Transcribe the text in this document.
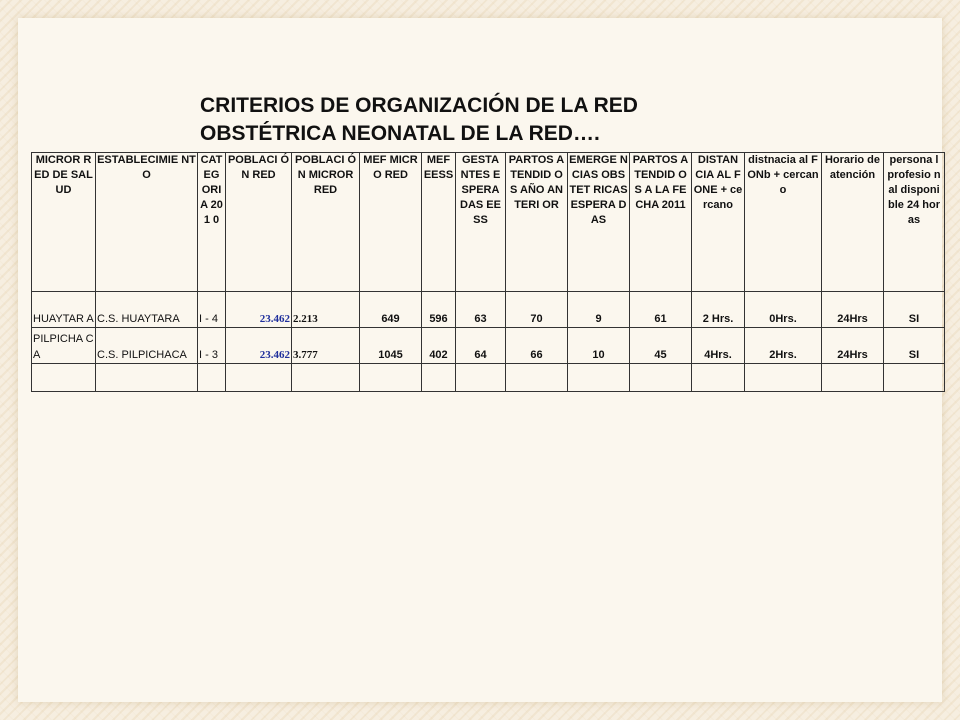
CRITERIOS DE ORGANIZACIÓN DE LA RED
OBSTÉTRICA NEONATAL DE LA RED….
MICROR RED DE SALUD	ESTABLECIMIE NTO	CAT EG ORI A 201 0	POBLACI ÓN RED	POBLACI ÓN MICROR RED	MEF MICRO RED	MEF EESS	GESTA NTES ESPERA DAS EESS	PARTOS ATENDID OS AÑO ANTERI OR	EMERGE NCIAS OBSTET RICAS ESPERA DAS	PARTOS ATENDID OS A LA FECHA 2011	DISTAN CIA AL FONE + cercano	distnacia al FONb + cercano	Horario de atención	persona l profesio nal disponi ble 24 horas
HUAYTAR A	C.S. HUAYTARA	I - 4	23.462	2.213	649	596	63	70	9	61	2 Hrs.	0Hrs.	24Hrs	SI
PILPICHA CA	C.S. PILPICHACA	I - 3	23.462	3.777	1045	402	64	66	10	45	4Hrs.	2Hrs.	24Hrs	SI
